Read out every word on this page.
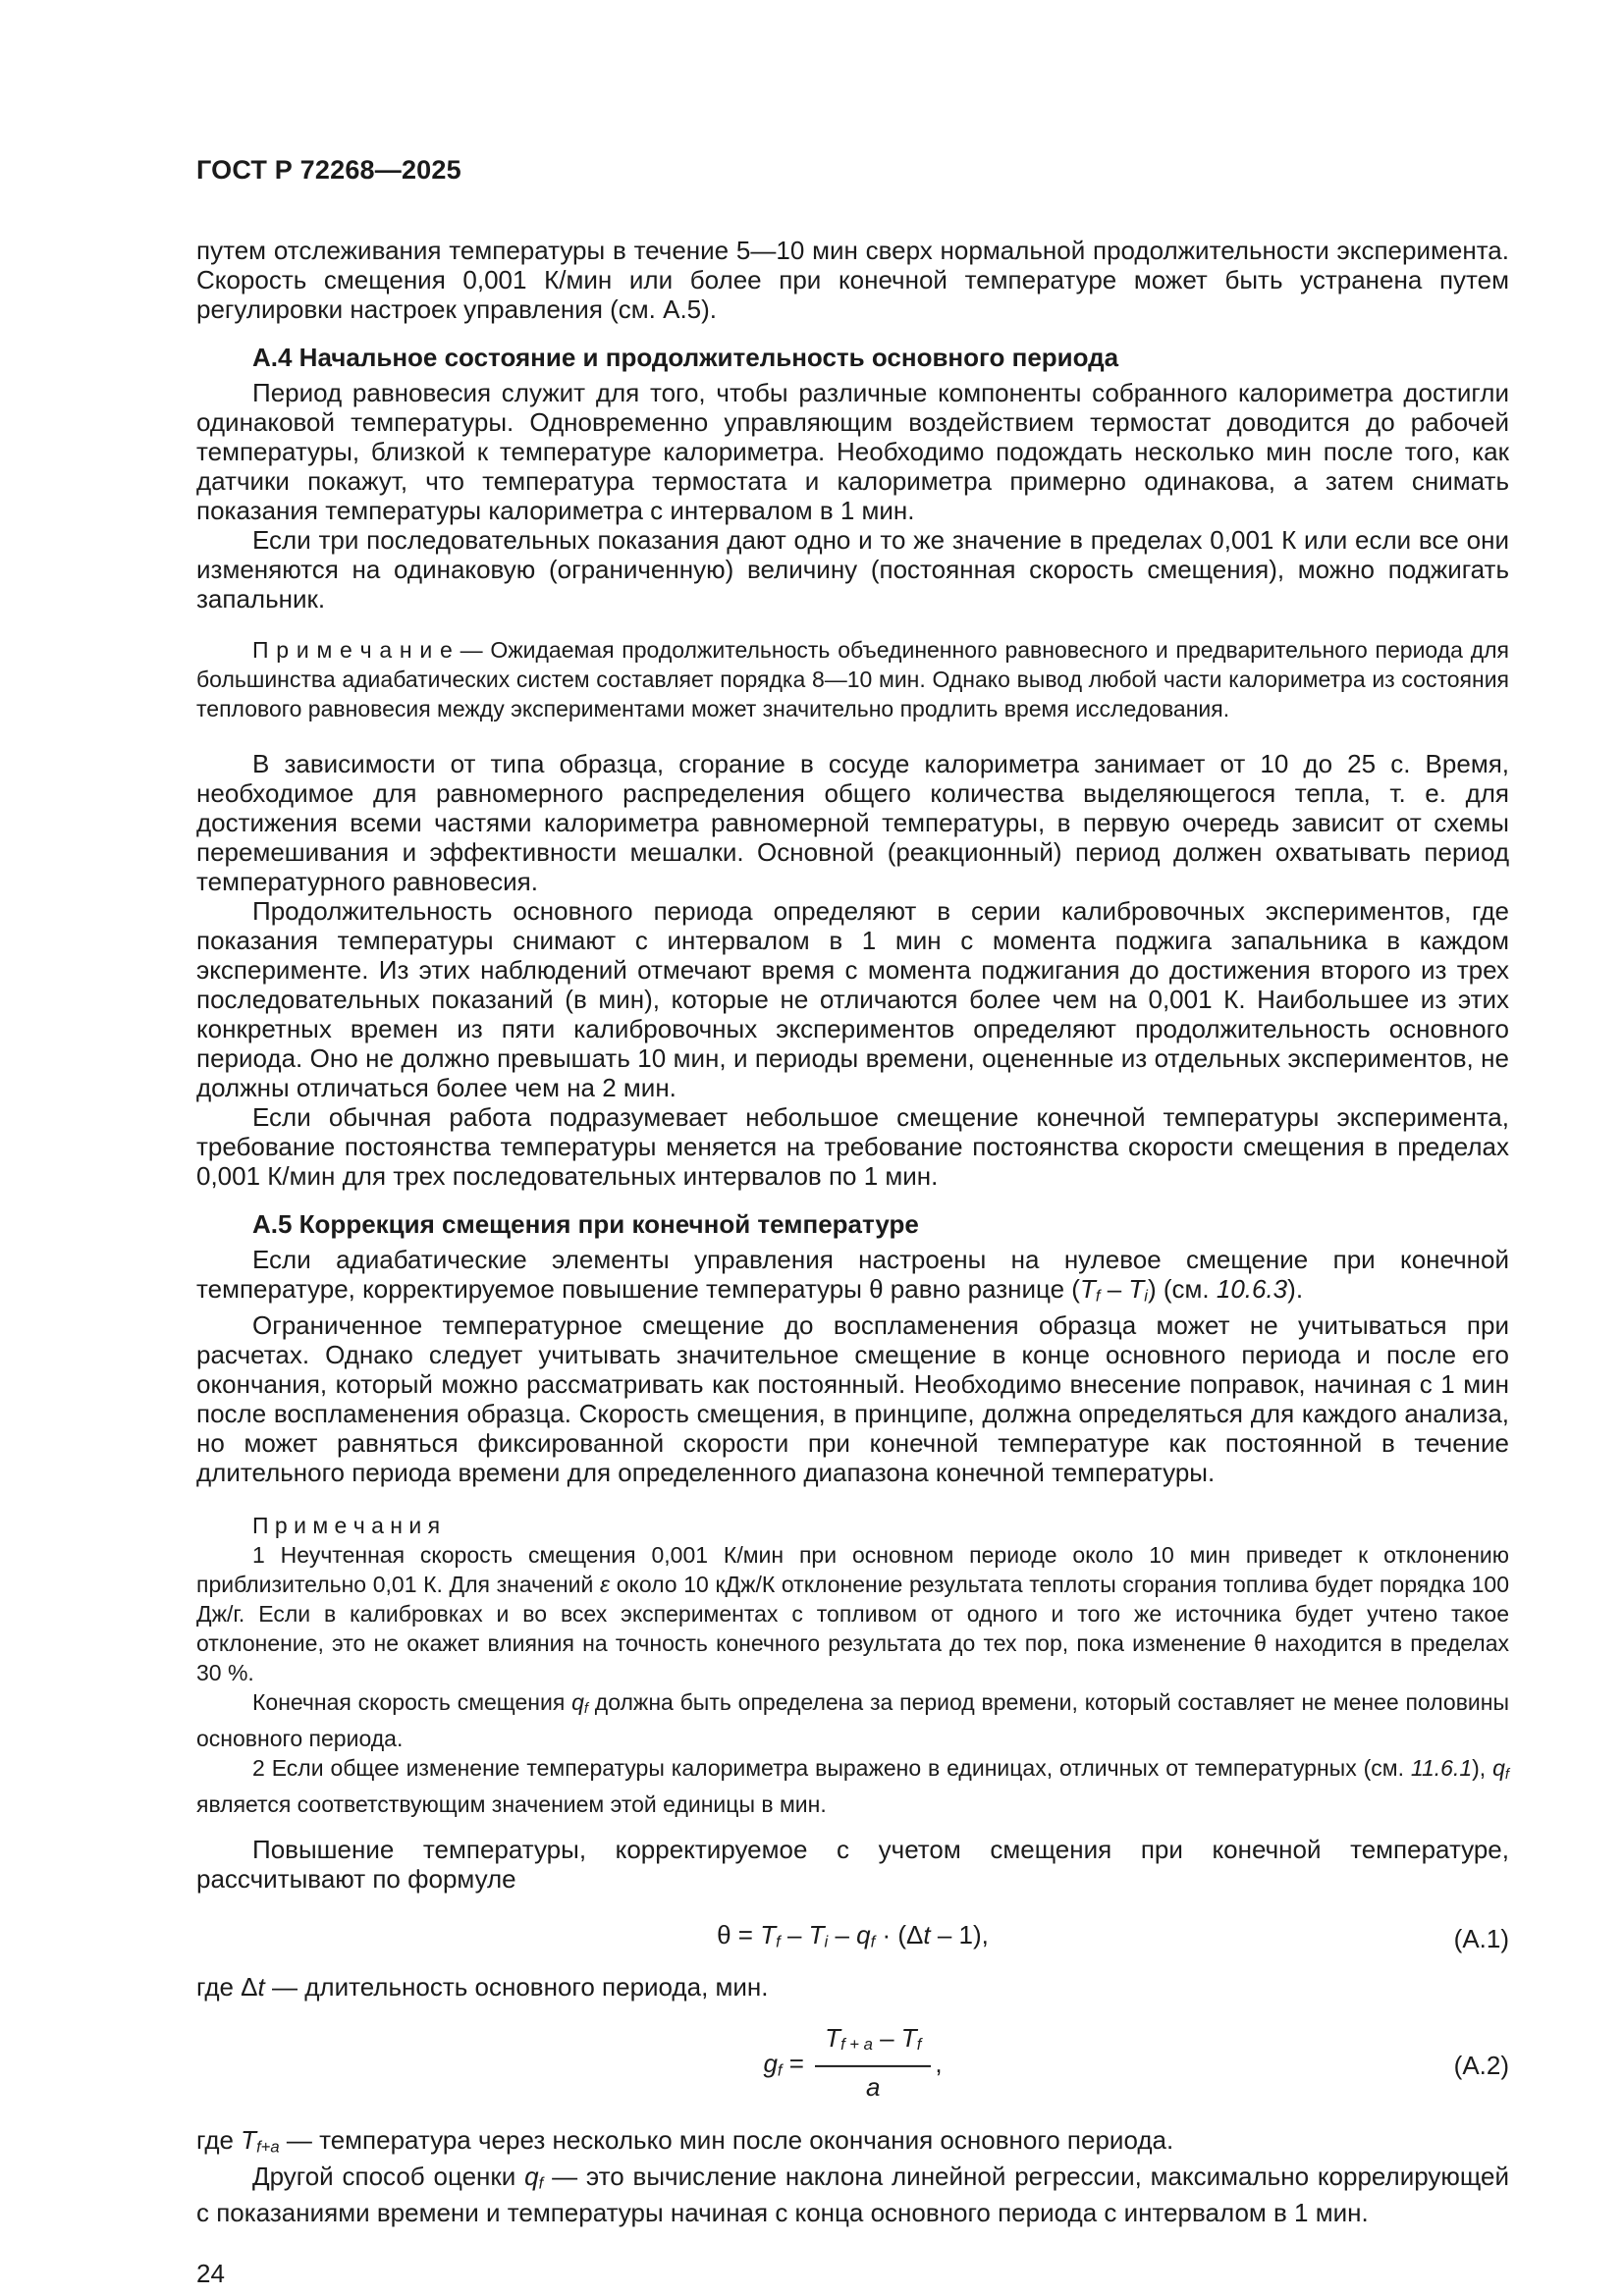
ГОСТ Р 72268—2025
путем отслеживания температуры в течение 5—10 мин сверх нормальной продолжительности эксперимента. Скорость смещения 0,001 К/мин или более при конечной температуре может быть устранена путем регулировки настроек управления (см. А.5).
А.4 Начальное состояние и продолжительность основного периода
Период равновесия служит для того, чтобы различные компоненты собранного калориметра достигли одинаковой температуры. Одновременно управляющим воздействием термостат доводится до рабочей температуры, близкой к температуре калориметра. Необходимо подождать несколько мин после того, как датчики покажут, что температура термостата и калориметра примерно одинакова, а затем снимать показания температуры калориметра с интервалом в 1 мин.
Если три последовательных показания дают одно и то же значение в пределах 0,001 К или если все они изменяются на одинаковую (ограниченную) величину (постоянная скорость смещения), можно поджигать запальник.
П р и м е ч а н и е — Ожидаемая продолжительность объединенного равновесного и предварительного периода для большинства адиабатических систем составляет порядка 8—10 мин. Однако вывод любой части калориметра из состояния теплового равновесия между экспериментами может значительно продлить время исследования.
В зависимости от типа образца, сгорание в сосуде калориметра занимает от 10 до 25 с. Время, необходимое для равномерного распределения общего количества выделяющегося тепла, т. е. для достижения всеми частями калориметра равномерной температуры, в первую очередь зависит от схемы перемешивания и эффективности мешалки. Основной (реакционный) период должен охватывать период температурного равновесия.
Продолжительность основного периода определяют в серии калибровочных экспериментов, где показания температуры снимают с интервалом в 1 мин с момента поджига запальника в каждом эксперименте. Из этих наблюдений отмечают время с момента поджигания до достижения второго из трех последовательных показаний (в мин), которые не отличаются более чем на 0,001 К. Наибольшее из этих конкретных времен из пяти калибровочных экспериментов определяют продолжительность основного периода. Оно не должно превышать 10 мин, и периоды времени, оцененные из отдельных экспериментов, не должны отличаться более чем на 2 мин.
Если обычная работа подразумевает небольшое смещение конечной температуры эксперимента, требование постоянства температуры меняется на требование постоянства скорости смещения в пределах 0,001 К/мин для трех последовательных интервалов по 1 мин.
А.5 Коррекция смещения при конечной температуре
Если адиабатические элементы управления настроены на нулевое смещение при конечной температуре, корректируемое повышение температуры θ равно разнице (Tf – Ti) (см. 10.6.3).
Ограниченное температурное смещение до воспламенения образца может не учитываться при расчетах. Однако следует учитывать значительное смещение в конце основного периода и после его окончания, который можно рассматривать как постоянный. Необходимо внесение поправок, начиная с 1 мин после воспламенения образца. Скорость смещения, в принципе, должна определяться для каждого анализа, но может равняться фиксированной скорости при конечной температуре как постоянной в течение длительного периода времени для определенного диапазона конечной температуры.
П р и м е ч а н и я
1 Неучтенная скорость смещения 0,001 К/мин при основном периоде около 10 мин приведет к отклонению приблизительно 0,01 К. Для значений ε около 10 кДж/К отклонение результата теплоты сгорания топлива будет порядка 100 Дж/г. Если в калибровках и во всех экспериментах с топливом от одного и того же источника будет учтено такое отклонение, это не окажет влияния на точность конечного результата до тех пор, пока изменение θ находится в пределах 30 %.
Конечная скорость смещения qf должна быть определена за период времени, который составляет не менее половины основного периода.
2 Если общее изменение температуры калориметра выражено в единицах, отличных от температурных (см. 11.6.1), qf является соответствующим значением этой единицы в мин.
Повышение температуры, корректируемое с учетом смещения при конечной температуре, рассчитывают по формуле
θ = Tf – Ti – qf · (Δt – 1),	(А.1)
где Δt — длительность основного периода, мин.
gf = $\frac{Tf + a - Tf}{a}$ ,	(А.2)
где Tf+a — температура через несколько мин после окончания основного периода.
Другой способ оценки qf — это вычисление наклона линейной регрессии, максимально коррелирующей с показаниями времени и температуры начиная с конца основного периода с интервалом в 1 мин.
24
